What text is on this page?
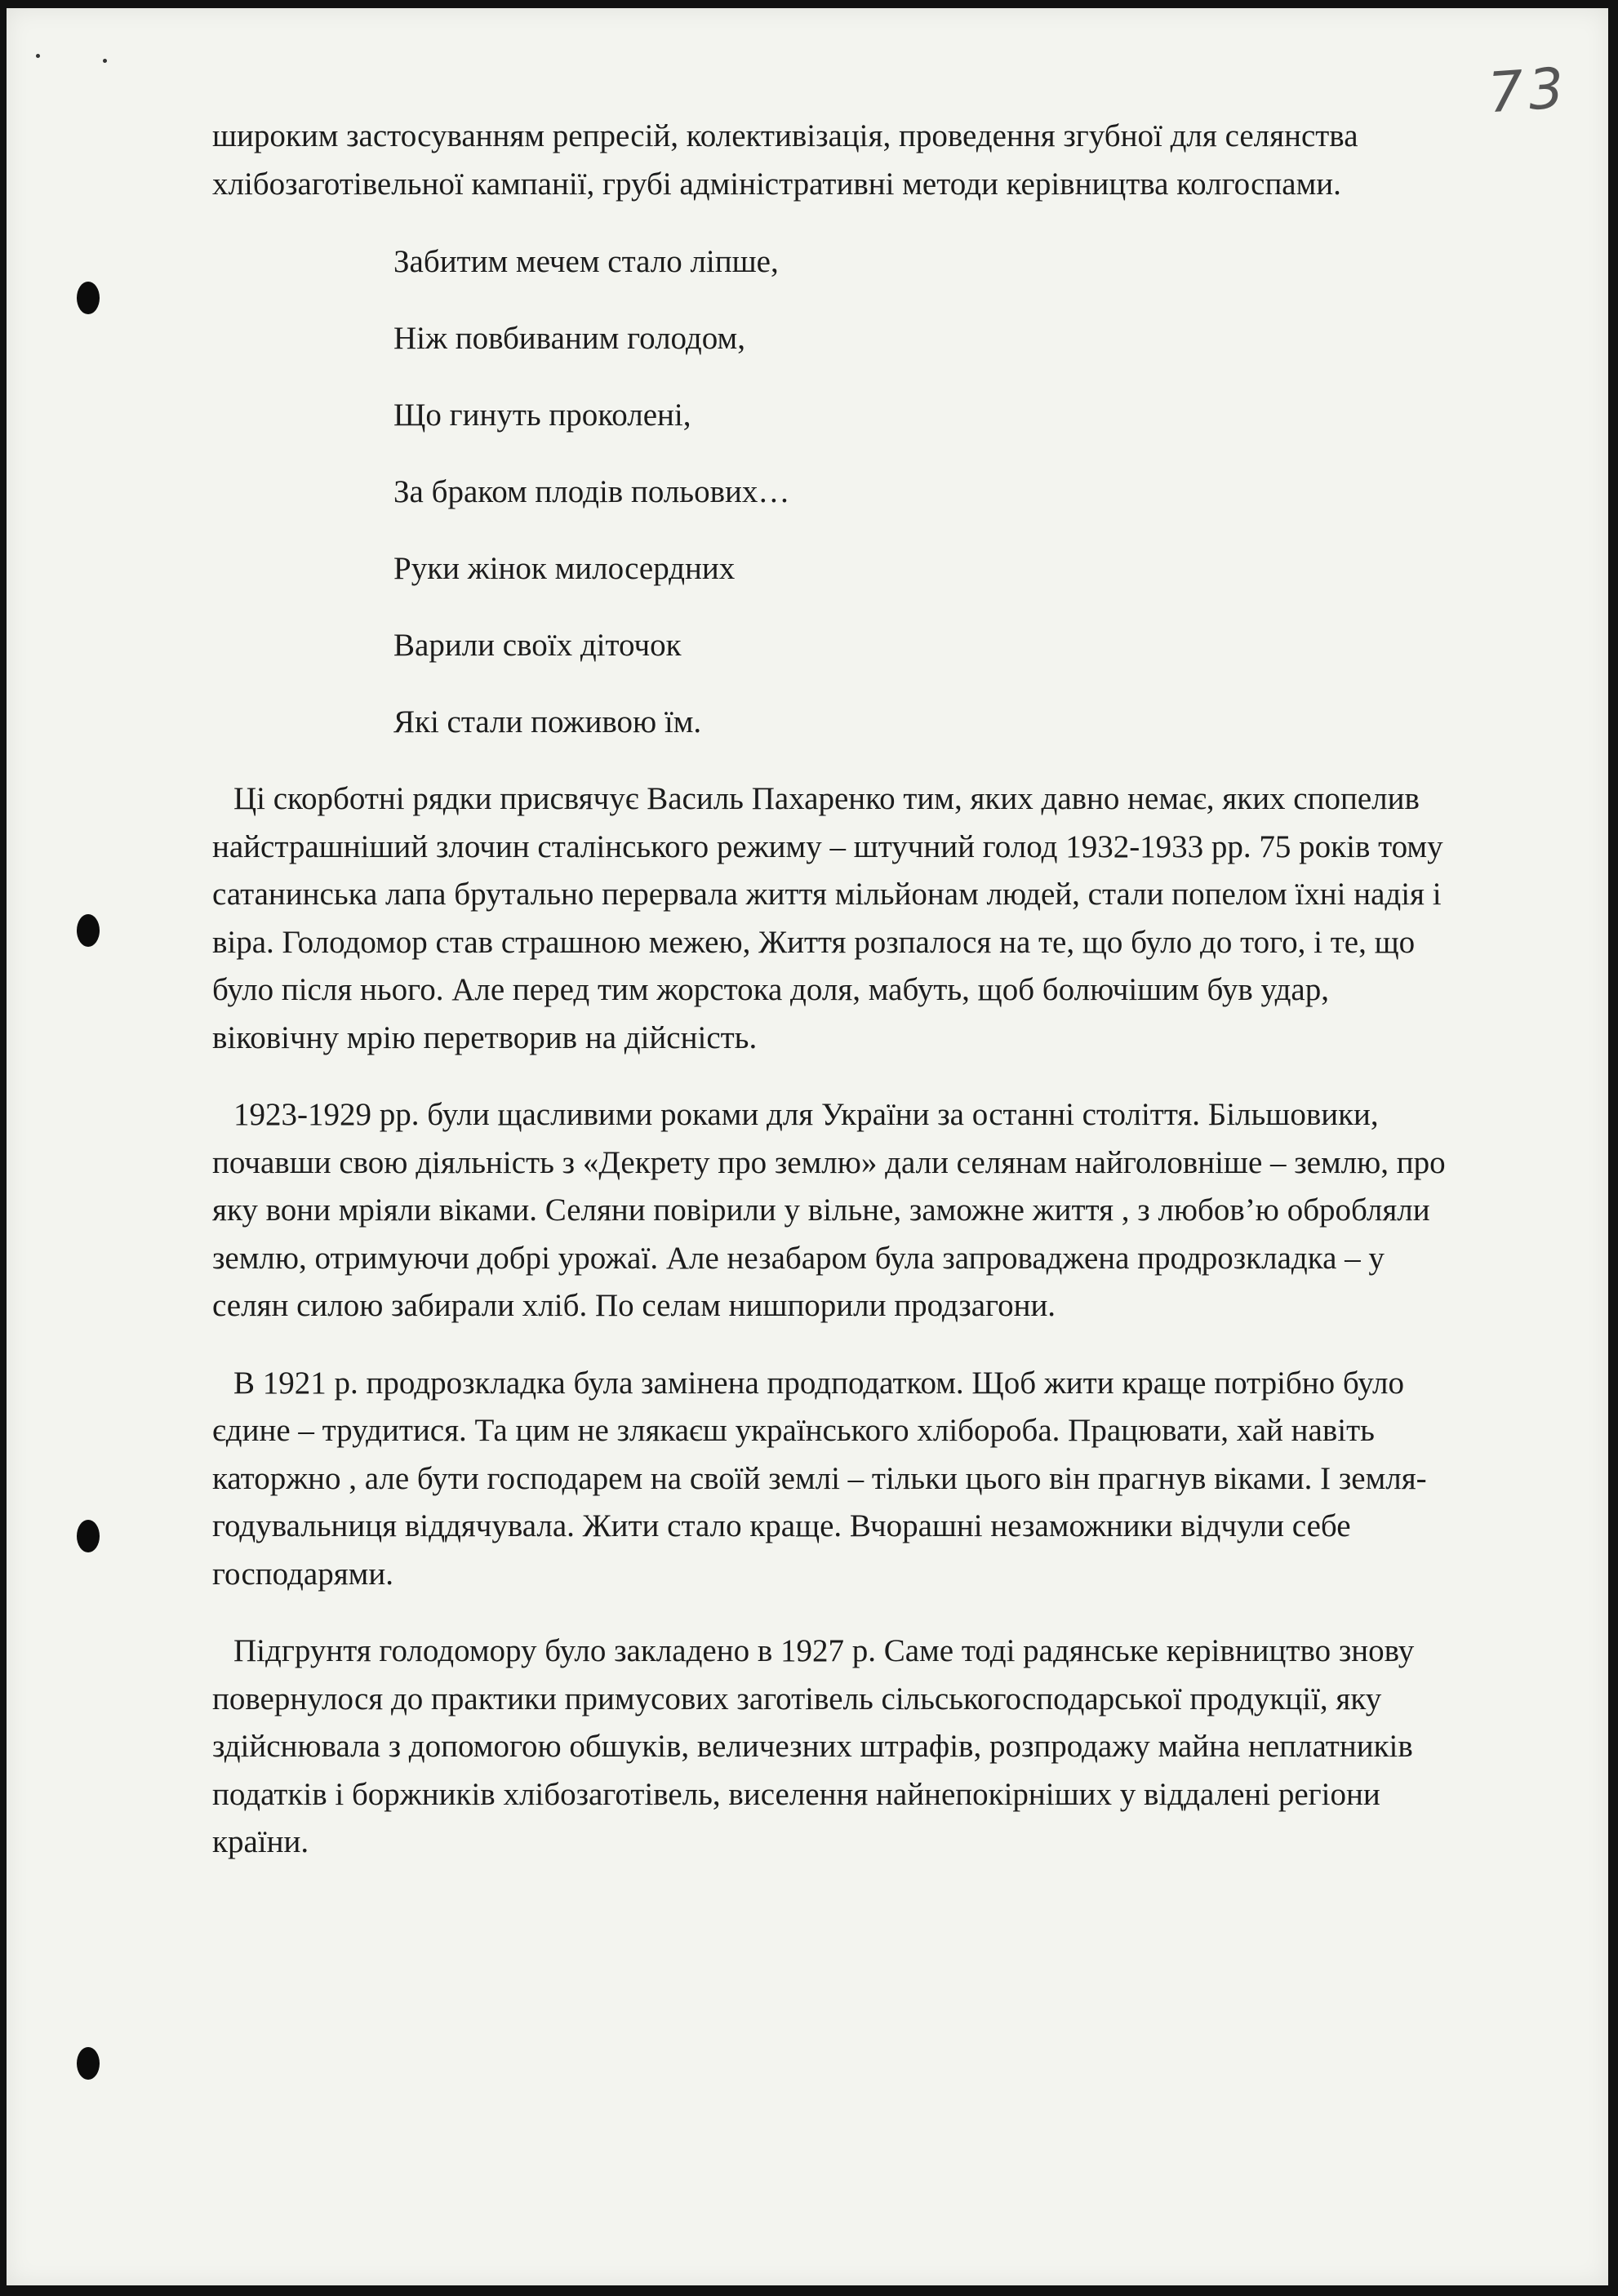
73

широким застосуванням репресій, колективізація, проведення згубної для селянства хлібозаготівельної кампанії, грубі адміністративні методи керівництва колгоспами.

Забитим мечем стало ліпше,
Ніж повбиваним голодом,
Що гинуть проколені,
За браком плодів польових…
Руки жінок милосердних
Варили своїх діточок
Які стали поживою їм.

Ці скорботні рядки присвячує Василь Пахаренко тим, яких давно немає, яких спопелив найстрашніший злочин сталінського режиму – штучний голод 1932-1933 рр. 75 років тому сатанинська лапа брутально перервала життя мільйонам людей, стали попелом їхні надія і віра. Голодомор став страшною межею, Життя розпалося на те, що було до того, і те, що було після нього. Але перед тим жорстока доля, мабуть, щоб болючішим був удар, віковічну мрію перетворив на дійсність.

1923-1929 рр. були щасливими роками для України за останні століття. Більшовики, почавши свою діяльність з «Декрету про землю» дали селянам найголовніше – землю, про яку вони мріяли віками. Селяни повірили у вільне, заможне життя , з любов’ю обробляли землю, отримуючи добрі урожаї. Але незабаром була запроваджена продрозкладка – у селян силою забирали хліб. По селам нишпорили продзагони.

В 1921 р. продрозкладка була замінена продподатком. Щоб жити краще потрібно було єдине – трудитися. Та цим не злякаєш українського хлібороба. Працювати, хай навіть каторжно , але бути господарем на своїй землі – тільки цього він прагнув віками. І земля- годувальниця віддячувала. Жити стало краще. Вчорашні незаможники відчули себе господарями.

Підгрунтя голодомору було закладено в 1927 р. Саме тоді радянське керівництво знову повернулося до практики примусових заготівель сільськогосподарської продукції, яку здійснювала з допомогою обшуків, величезних штрафів, розпродажу майна неплатників податків і боржників хлібозаготівель, виселення найнепокірніших у віддалені регіони країни.
